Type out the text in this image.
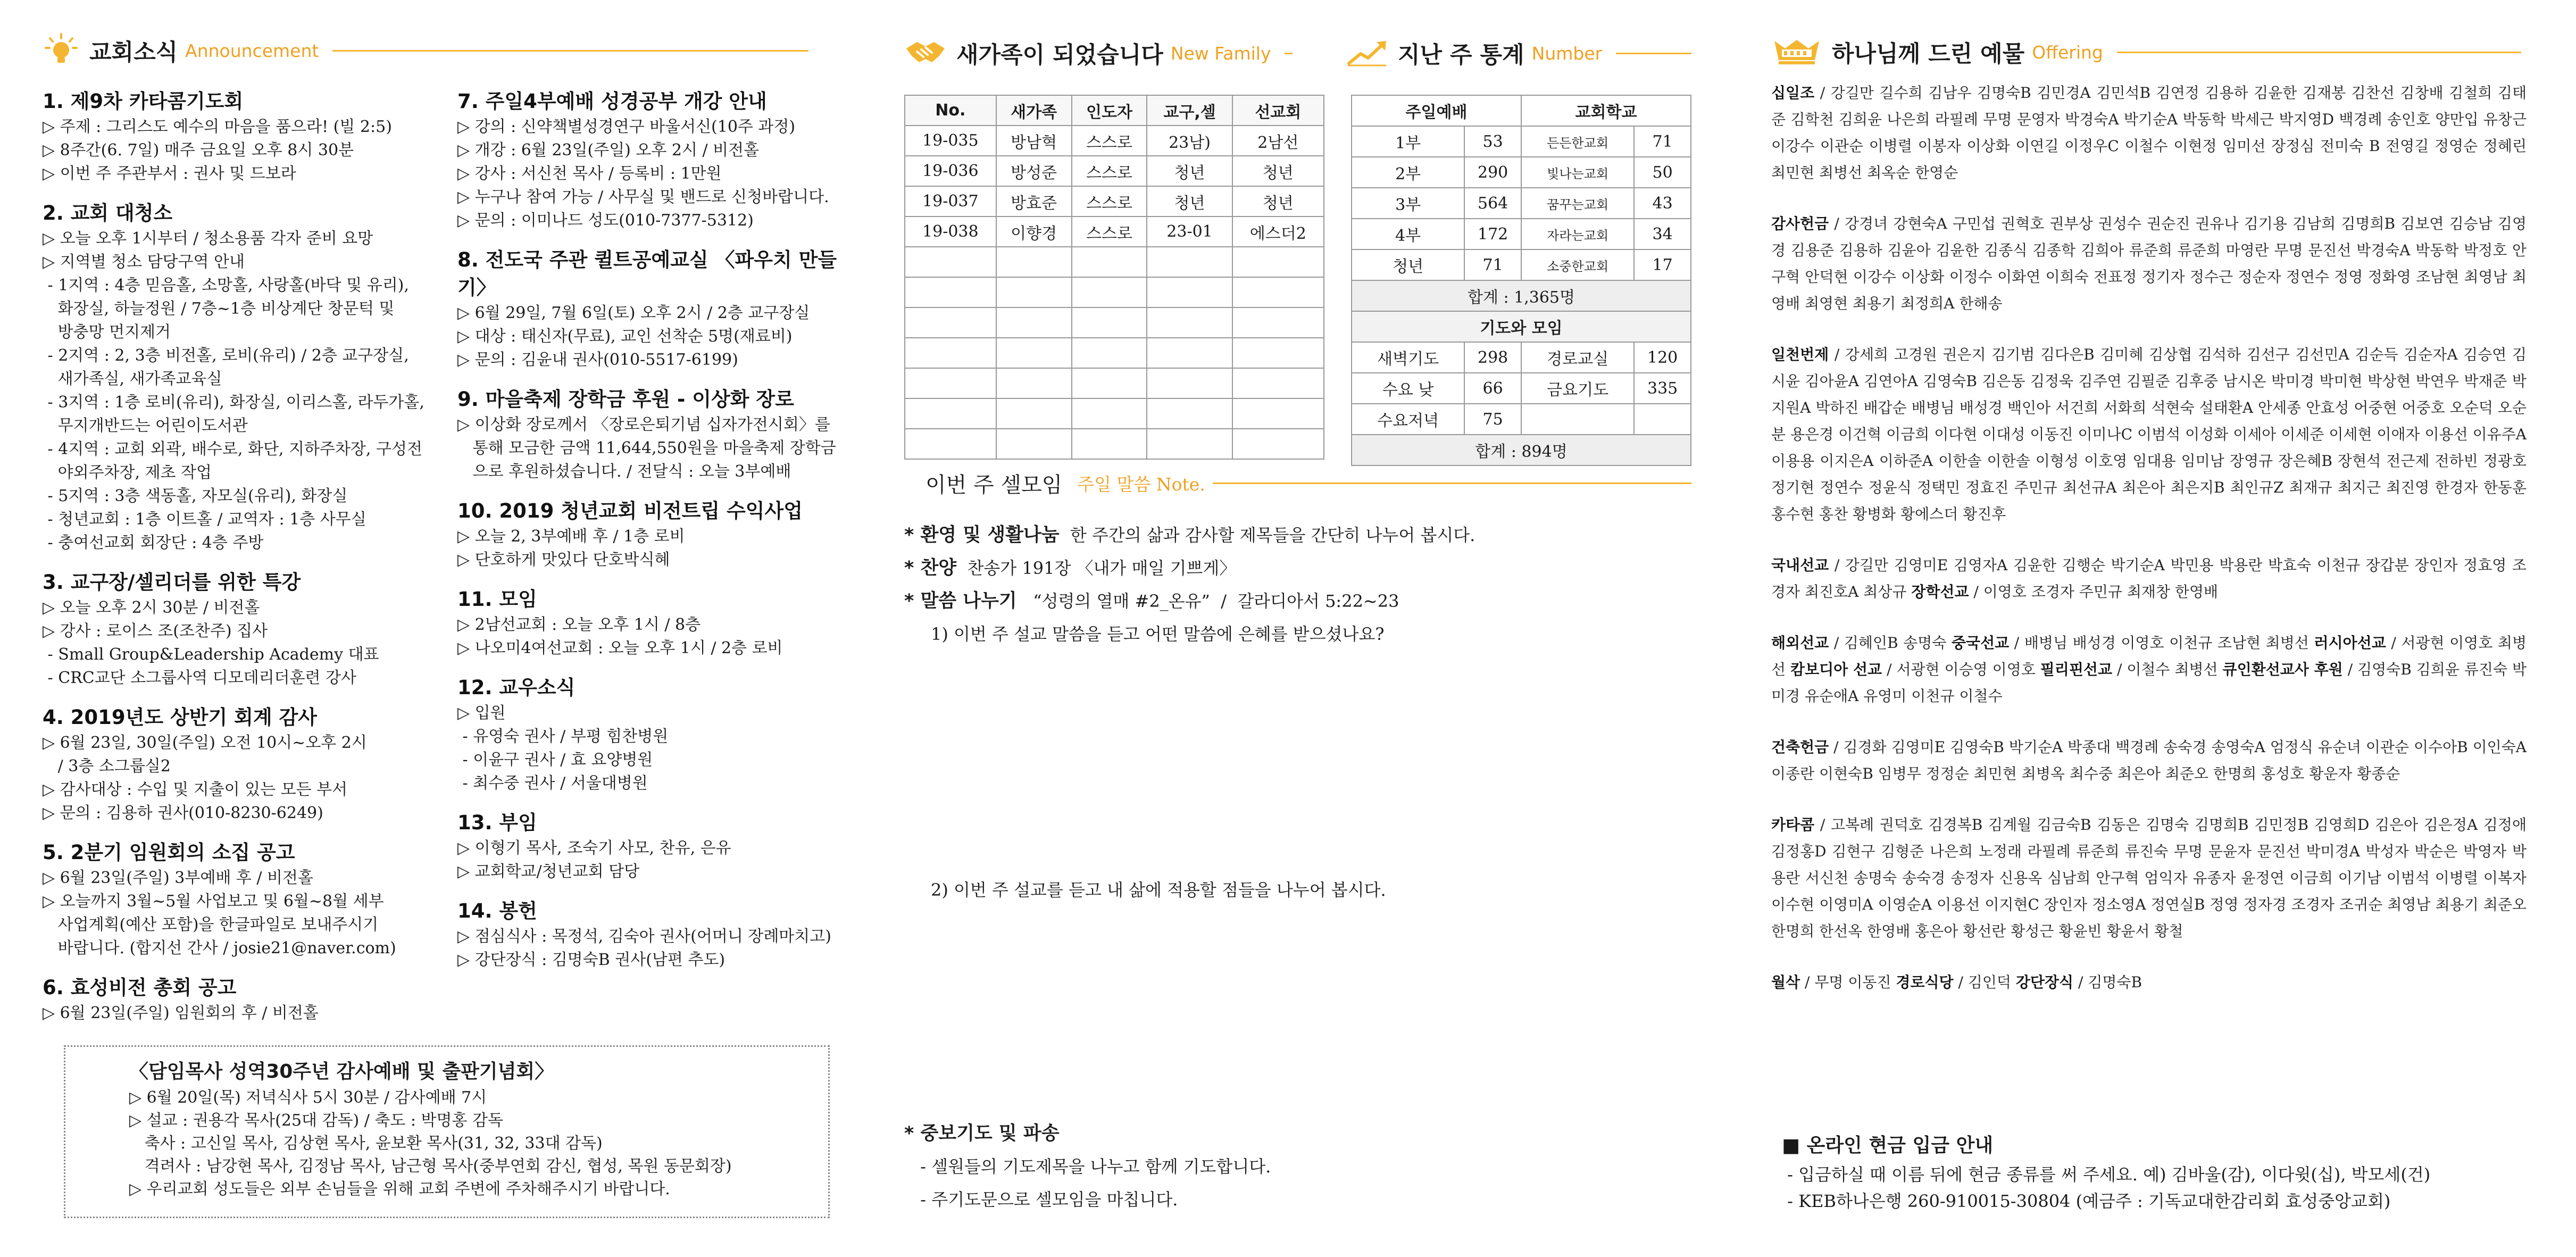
교회소식 Announcement
1. 제9차 카타콤기도회
▷ 주제 : 그리스도 예수의 마음을 품으라! (빌 2:5)
▷ 8주간(6. 7일) 매주 금요일 오후 8시 30분
▷ 이번 주 주관부서 : 권사 및 드보라
2. 교회 대청소
▷ 오늘 오후 1시부터 / 청소용품 각자 준비 요망
▷ 지역별 청소 담당구역 안내
- 1지역 : 4층 믿음홀, 소망홀, 사랑홀(바닥 및 유리),
화장실, 하늘정원 / 7층~1층 비상계단 창문턱 및
방충망 먼지제거
- 2지역 : 2, 3층 비전홀, 로비(유리) / 2층 교구장실,
새가족실, 새가족교육실
- 3지역 : 1층 로비(유리), 화장실, 이리스홀, 라두가홀,
무지개반드는 어린이도서관
- 4지역 : 교회 외곽, 배수로, 화단, 지하주차장, 구성전
야외주차장, 제초 작업
- 5지역 : 3층 색동홀, 자모실(유리), 화장실
- 청년교회 : 1층 이트홀 / 교역자 : 1층 사무실
- 충여선교회 회장단 : 4층 주방
3. 교구장/셀리더를 위한 특강
▷ 오늘 오후 2시 30분 / 비전홀
▷ 강사 : 로이스 조(조찬주) 집사
- Small Group&Leadership Academy 대표
- CRC교단 소그룹사역 디모데리더훈련 강사
4. 2019년도 상반기 회계 감사
▷ 6월 23일, 30일(주일) 오전 10시~오후 2시
/ 3층 소그룹실2
▷ 감사대상 : 수입 및 지출이 있는 모든 부서
▷ 문의 : 김용하 권사(010-8230-6249)
5. 2분기 임원회의 소집 공고
▷ 6월 23일(주일) 3부예배 후 / 비전홀
▷ 오늘까지 3월~5월 사업보고 및 6월~8월 세부
사업계획(예산 포함)을 한글파일로 보내주시기
바랍니다. (합지선 간사 / josie21@naver.com)
6. 효성비전 총회 공고
▷ 6월 23일(주일) 임원회의 후 / 비전홀
7. 주일4부예배 성경공부 개강 안내
▷ 강의 : 신약책별성경연구 바울서신(10주 과정)
▷ 개강 : 6월 23일(주일) 오후 2시 / 비전홀
▷ 강사 : 서신천 목사 / 등록비 : 1만원
▷ 누구나 참여 가능 / 사무실 및 밴드로 신청바랍니다.
▷ 문의 : 이미나드 성도(010-7377-5312)
8. 전도국 주관 퀼트공예교실 〈파우치 만들기〉
▷ 6월 29일, 7월 6일(토) 오후 2시 / 2층 교구장실
▷ 대상 : 태신자(무료), 교인 선착순 5명(재료비)
▷ 문의 : 김윤내 권사(010-5517-6199)
9. 마을축제 장학금 후원 - 이상화 장로
▷ 이상화 장로께서 〈장로은퇴기념 십자가전시회〉를
통해 모금한 금액 11,644,550원을 마을축제 장학금
으로 후원하셨습니다. / 전달식 : 오늘 3부예배
10. 2019 청년교회 비전트립 수익사업
▷ 오늘 2, 3부예배 후 / 1층 로비
▷ 단호하게 맛있다 단호박식혜
11. 모임
▷ 2남선교회 : 오늘 오후 1시 / 8층
▷ 나오미4여선교회 : 오늘 오후 1시 / 2층 로비
12. 교우소식
▷ 입원
- 유영숙 권사 / 부평 힘찬병원
- 이윤구 권사 / 효 요양병원
- 최수중 권사 / 서울대병원
13. 부임
▷ 이형기 목사, 조숙기 사모, 찬유, 은유
▷ 교회학교/청년교회 담당
14. 봉헌
▷ 점심식사 : 목정석, 김숙아 권사(어머니 장례마치고)
▷ 강단장식 : 김명숙B 권사(남편 추도)
〈담임목사 성역30주년 감사예배 및 출판기념회〉
▷ 6월 20일(목) 저녁식사 5시 30분 / 감사예배 7시
▷ 설교 : 권용각 목사(25대 감독) / 축도 : 박명홍 감독
축사 : 고신일 목사, 김상현 목사, 윤보환 목사(31, 32, 33대 감독)
격려사 : 남강현 목사, 김정남 목사, 남근형 목사(중부연회 감신, 협성, 목원 동문회장)
▷ 우리교회 성도들은 외부 손님들을 위해 교회 주변에 주차해주시기 바랍니다.
새가족이 되었습니다 New Family	지난 주 통계 Number
No.	새가족	인도자	교구,셀	선교회
19-035	방남혁	스스로	23남)	2남선
19-036	방성준	스스로	청년	청년
19-037	방효준	스스로	청년	청년
19-038	이향경	스스로	23-01	에스더2

주일예배		교회학교	
1부	53	든든한교회	71
2부	290	빛나는교회	50
3부	564	꿈꾸는교회	43
4부	172	자라는교회	34
청년	71	소중한교회	17
합계 : 1,365명			
기도와 모임			
새벽기도	298	경로교실	120
수요 낮	66	금요기도	335
수요저녁	75		
합계 : 894명			
이번 주 셀모임 주일 말씀 Note.
* 환영 및 생활나눔 한 주간의 삶과 감사할 제목들을 간단히 나누어 봅시다.
* 찬양 찬송가 191장 〈내가 매일 기쁘게〉
* 말씀 나누기 “성령의 열매 #2_온유”  /  갈라디아서 5:22~23
1) 이번 주 설교 말씀을 듣고 어떤 말씀에 은혜를 받으셨나요?
2) 이번 주 설교를 듣고 내 삶에 적용할 점들을 나누어 봅시다.
* 중보기도 및 파송
- 셀원들의 기도제목을 나누고 함께 기도합니다.
- 주기도문으로 셀모임을 마칩니다.
하나님께 드린 예물 Offering

십일조 / 강길만 길수희 김남우 김명숙B 김민경A 김민석B 김연정 김용하 김윤한 김재봉 김찬선 김창배 김철희 김태준 김학천 김희윤 나은희 라필례 무명 문영자 박경숙A 박기순A 박동학 박세근 박지영D 백경례 송인호 양만입 유창근 이강수 이관순 이병렬 이봉자 이상화 이연길 이정우C 이철수 이현정 임미선 장정심 전미숙 B 전영길 정영순 정혜린 최민현 최병선 최옥순 한영순

감사헌금 / 강경녀 강현숙A 구민섭 권혁호 권부상 권성수 권순진 권유나 김기용 김남희 김명희B 김보연 김승남 김영경 김용준 김용하 김윤아 김윤한 김종식 김종학 김희아 류준희 류준희 마영란 무명 문진선 박경숙A 박동학 박정호 안구혁 안덕현 이강수 이상화 이정수 이화연 이희숙 전표정 정기자 정수근 정순자 정연수 정영 정화영 조남현 최영남 최영배 최영현 최용기 최정희A 한해송

일천번제 / 강세희 고경원 권은지 김기범 김다은B 김미혜 김상협 김석하 김선구 김선민A 김순득 김순자A 김승연 김시윤 김아윤A 김연아A 김영숙B 김은동 김정욱 김주연 김필준 김후중 남시온 박미경 박미현 박상현 박연우 박재준 박지원A 박하진 배갑순 배병님 배성경 백인아 서건희 서화희 석현숙 설태환A 안세종 안효성 어중현 어중호 오순덕 오순분 용은경 이건혁 이금희 이다현 이대성 이동진 이미나C 이범석 이성화 이세아 이세준 이세현 이애자 이용선 이유주A 이용용 이지은A 이하준A 이한솔 이한솔 이형성 이호영 임대용 임미남 장영규 장은혜B 장현석 전근제 전하빈 정광호 정기현 정연수 정윤식 정택민 정효진 주민규 최선규A 최은아 최은지B 최인규Z 최재규 최지근 최진영 한경자 한동훈 홍수현 홍찬 황병화 황에스더 황진후

국내선교 / 강길만 김영미E 김영자A 김윤한 김행순 박기순A 박민용 박용란 박효숙 이천규 장갑분 장인자 정효영 조경자 최진호A 최상규 장학선교 / 이영호 조경자 주민규 최재창 한영배

해외선교 / 김혜인B 송명숙 중국선교 / 배병님 배성경 이영호 이천규 조남현 최병선 러시아선교 / 서광현 이영호 최병선 캄보디아 선교 / 서광현 이승영 이영호 필리핀선교 / 이철수 최병선 큐인환선교사 후원 / 김영숙B 김희윤 류진숙 박미경 유순애A 유영미 이천규 이철수

건축헌금 / 김경화 김영미E 김영숙B 박기순A 박종대 백경례 송숙경 송영숙A 엄정식 유순녀 이관순 이수아B 이인숙A 이종란 이현숙B 임병무 정정순 최민현 최병옥 최수중 최은아 최준오 한명희 홍성호 황운자 황종순

카타콤 / 고복례 권덕호 김경복B 김계월 김금숙B 김동은 김명숙 김명희B 김민정B 김영희D 김은아 김은정A 김정애 김정홍D 김현구 김형준 나은희 노정래 라필례 류준희 류진숙 무명 문윤자 문진선 박미경A 박성자 박순은 박영자 박용란 서신천 송명숙 송숙경 송정자 신용옥 심남희 안구혁 엄익자 유종자 윤정연 이금희 이기남 이범석 이병렬 이복자 이수현 이영미A 이영순A 이용선 이지현C 장인자 정소영A 정연실B 정영 정자경 조경자 조귀순 최영남 최용기 최준오 한명희 한선옥 한영배 홍은아 황선란 황성근 황윤빈 황윤서 황철

월삭 / 무명 이동진 경로식당 / 김인덕 강단장식 / 김명숙B

■ 온라인 현금 입금 안내
- 입금하실 때 이름 뒤에 현금 종류를 써 주세요. 예) 김바울(감), 이다윗(십), 박모세(건)
- KEB하나은행 260-910015-30804 (예금주 : 기독교대한감리회 효성중앙교회)
